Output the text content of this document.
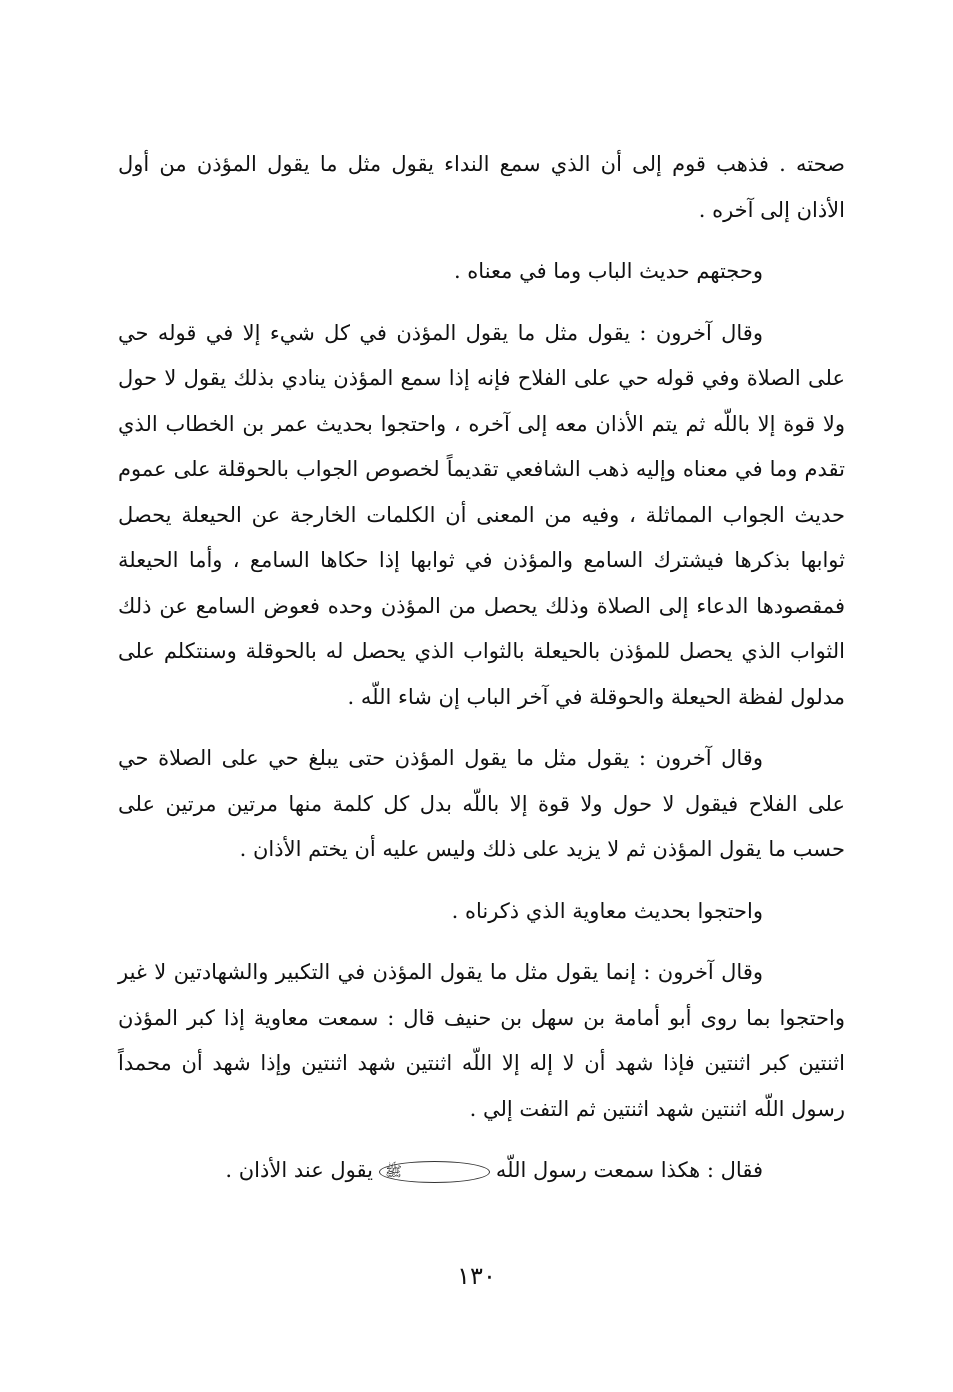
صحته . فذهب قوم إلى أن الذي سمع النداء يقول مثل ما يقول المؤذن من أول الأذان إلى آخره .

وحجتهم حديث الباب وما في معناه .

وقال آخرون : يقول مثل ما يقول المؤذن في كل شيء إلا في قوله حي على الصلاة وفي قوله حي على الفلاح فإنه إذا سمع المؤذن ينادي بذلك يقول لا حول ولا قوة إلا باللّه ثم يتم الأذان معه إلى آخره ، واحتجوا بحديث عمر بن الخطاب الذي تقدم وما في معناه وإليه ذهب الشافعي تقديماً لخصوص الجواب بالحوقلة على عموم حديث الجواب المماثلة ، وفيه من المعنى أن الكلمات الخارجة عن الحيعلة يحصل ثوابها بذكرها فيشترك السامع والمؤذن في ثوابها إذا حكاها السامع ، وأما الحيعلة فمقصودها الدعاء إلى الصلاة وذلك يحصل من المؤذن وحده فعوض السامع عن ذلك الثواب الذي يحصل للمؤذن بالحيعلة بالثواب الذي يحصل له بالحوقلة وسنتكلم على مدلول لفظة الحيعلة والحوقلة في آخر الباب إن شاء اللّه .

وقال آخرون : يقول مثل ما يقول المؤذن حتى يبلغ حي على الصلاة حي على الفلاح فيقول لا حول ولا قوة إلا باللّه بدل كل كلمة منها مرتين مرتين على حسب ما يقول المؤذن ثم لا يزيد على ذلك وليس عليه أن يختم الأذان .

واحتجوا بحديث معاوية الذي ذكرناه .

وقال آخرون : إنما يقول مثل ما يقول المؤذن في التكبير والشهادتين لا غير واحتجوا بما روى أبو أمامة بن سهل بن حنيف قال : سمعت معاوية إذا كبر المؤذن اثنتين كبر اثنتين فإذا شهد أن لا إله إلا اللّه اثنتين شهد اثنتين وإذا شهد أن محمداً رسول اللّه اثنتين شهد اثنتين ثم التفت إلي .

فقال : هكذا سمعت رسول اللّهﷺيقول عند الأذان .

١٣٠
